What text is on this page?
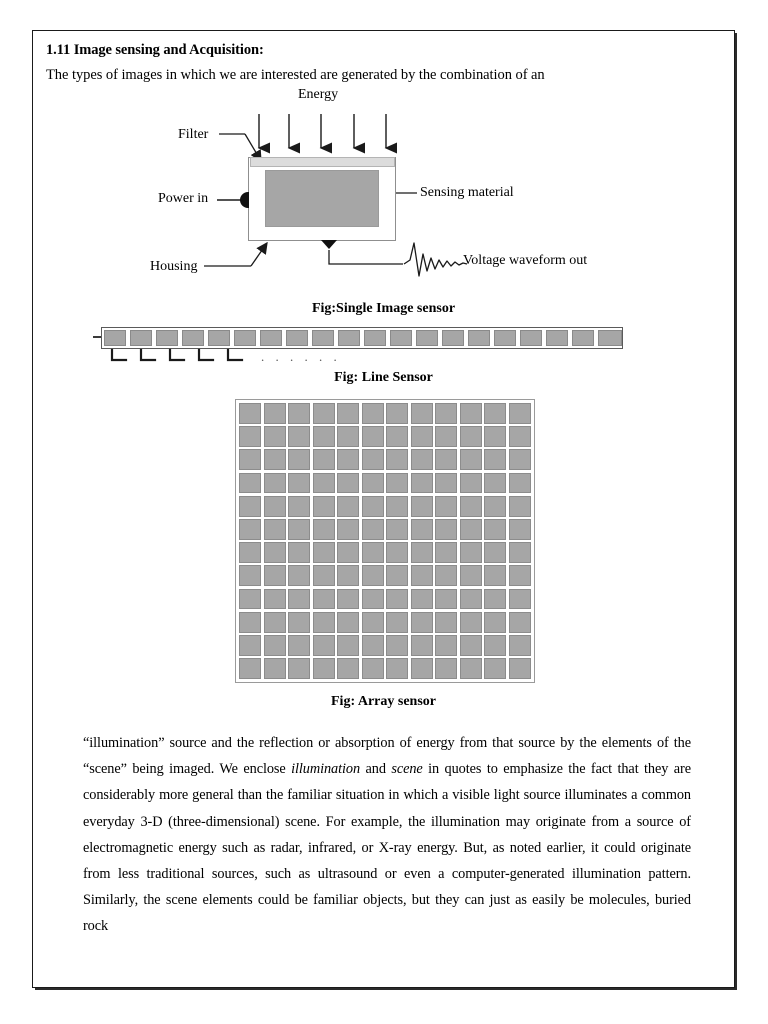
1.11 Image sensing and Acquisition:
The types of images in which we are interested are generated by the combination of an
Energy
Filter
Power in
Housing
Sensing material
Voltage waveform out
Fig:Single Image sensor
. . . . . .
Fig: Line Sensor
Fig: Array sensor

“illumination” source and the reflection or absorption of energy from that source by the elements of the “scene” being imaged. We enclose illumination and scene in quotes to emphasize the fact that they are considerably more general than the familiar situation in which a visible light source illuminates a common everyday 3-D (three-dimensional) scene. For example, the illumination may originate from a source of electromagnetic energy such as radar, infrared, or X-ray energy. But, as noted earlier, it could originate from less traditional sources, such as ultrasound or even a computer-generated illumination pattern. Similarly, the scene elements could be familiar objects, but they can just as easily be molecules, buried rock
